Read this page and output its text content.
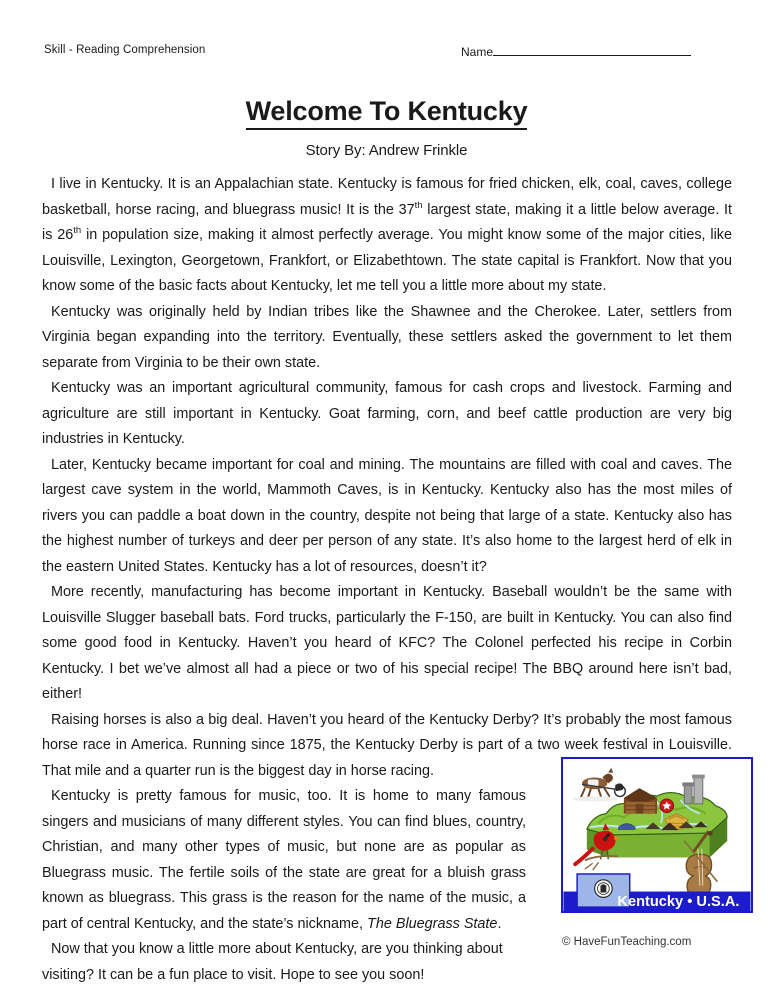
Skill - Reading Comprehension	Name
Welcome To Kentucky
Story By: Andrew Frinkle

I live in Kentucky. It is an Appalachian state. Kentucky is famous for fried chicken, elk, coal, caves, college basketball, horse racing, and bluegrass music! It is the 37th largest state, making it a little below average. It is 26th in population size, making it almost perfectly average. You might know some of the major cities, like Louisville, Lexington, Georgetown, Frankfort, or Elizabethtown. The state capital is Frankfort. Now that you know some of the basic facts about Kentucky, let me tell you a little more about my state.

Kentucky was originally held by Indian tribes like the Shawnee and the Cherokee. Later, settlers from Virginia began expanding into the territory. Eventually, these settlers asked the government to let them separate from Virginia to be their own state.

Kentucky was an important agricultural community, famous for cash crops and livestock. Farming and agriculture are still important in Kentucky. Goat farming, corn, and beef cattle production are very big industries in Kentucky.

Later, Kentucky became important for coal and mining. The mountains are filled with coal and caves. The largest cave system in the world, Mammoth Caves, is in Kentucky. Kentucky also has the most miles of rivers you can paddle a boat down in the country, despite not being that large of a state. Kentucky also has the highest number of turkeys and deer per person of any state. It’s also home to the largest herd of elk in the eastern United States. Kentucky has a lot of resources, doesn’t it?

More recently, manufacturing has become important in Kentucky. Baseball wouldn’t be the same with Louisville Slugger baseball bats. Ford trucks, particularly the F-150, are built in Kentucky. You can also find some good food in Kentucky. Haven’t you heard of KFC? The Colonel perfected his recipe in Corbin Kentucky. I bet we’ve almost all had a piece or two of his special recipe! The BBQ around here isn’t bad, either!

Raising horses is also a big deal. Haven’t you heard of the Kentucky Derby? It’s probably the most famous horse race in America. Running since 1875, the Kentucky Derby is part of a two week festival in Louisville. That mile and a quarter run is the biggest day in horse racing.

Kentucky is pretty famous for music, too. It is home to many famous singers and musicians of many different styles. You can find blues, country, Christian, and many other types of music, but none are as popular as Bluegrass music. The fertile soils of the state are great for a bluish grass known as bluegrass. This grass is the reason for the name of the music, a part of central Kentucky, and the state’s nickname, The Bluegrass State.

Now that you know a little more about Kentucky, are you thinking about visiting? It can be a fun place to visit. Hope to see you soon!

Kentucky • U.S.A.
© HaveFunTeaching.com
